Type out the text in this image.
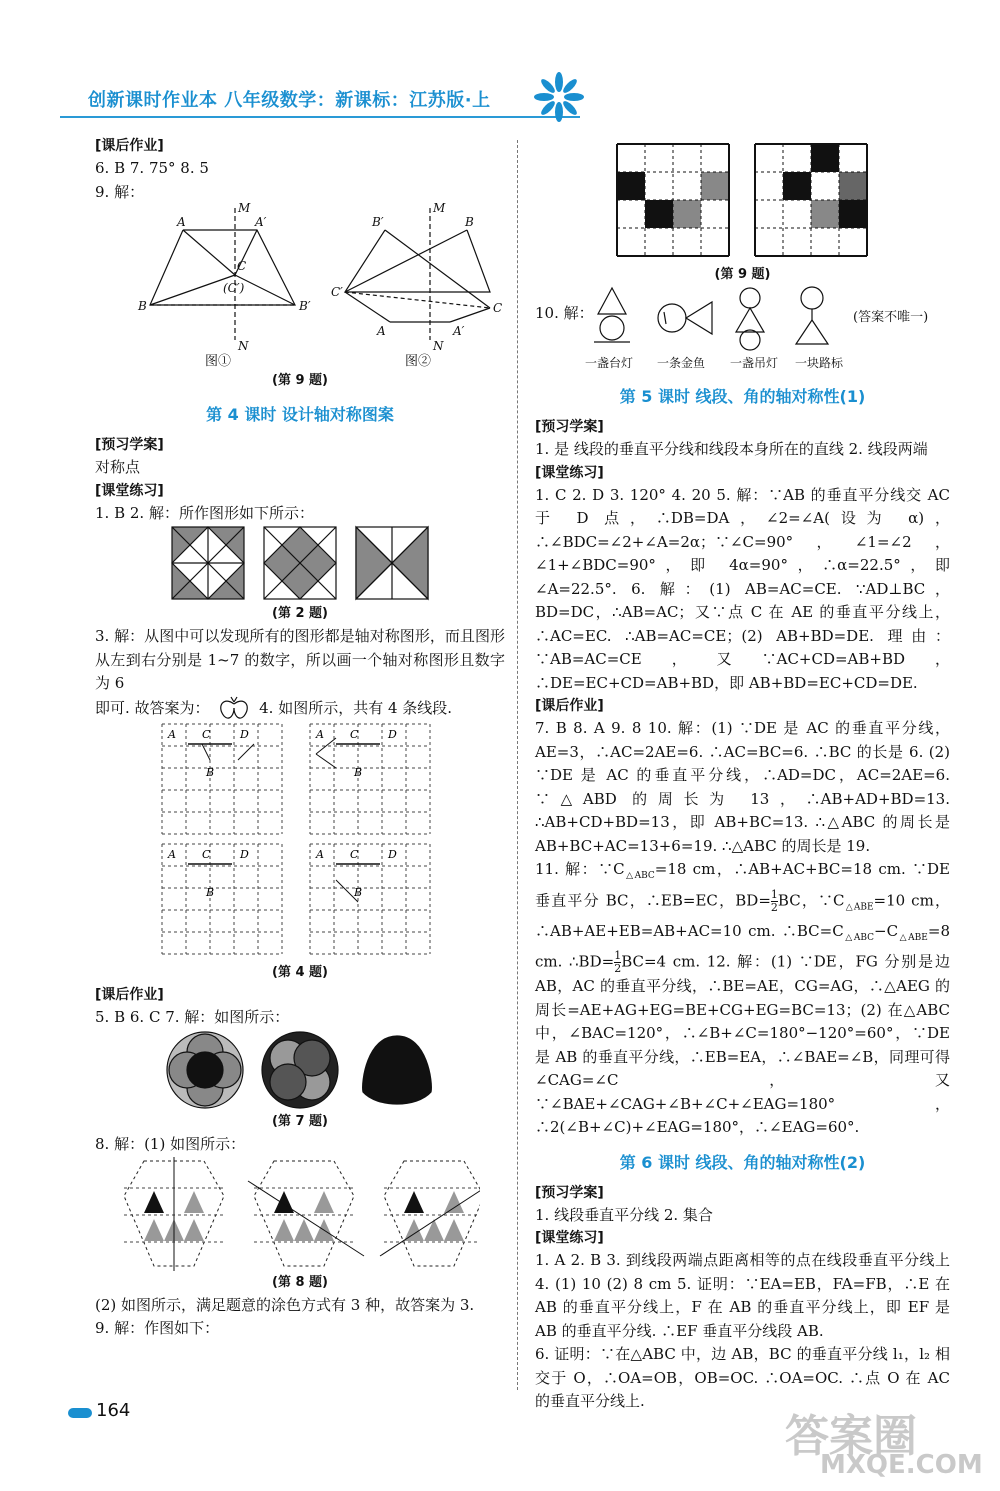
创新课时作业本 八年级数学：新课标：江苏版·上
[课后作业]

6. B 7. 75° 8. 5

9. 解：

A	A′
M
C
(C′)
B	B′
N
B′	B
M
C′
C
A	A′
N
图①	图②
(第 9 题)
第 4 课时 设计轴对称图案
[预习学案]

对称点

[课堂练习]

1. B 2. 解：所作图形如下所示：

(第 2 题)

3. 解：从图中可以发现所有的图形都是轴对称图形，而且图形从左到右分别是 1~7 的数字，所以画一个轴对称图形且数字为 6

即可. 故答案为：	4. 如图所示，共有 4 条线段.

A C	D
B
A C	D
B
A C	D
B
A C	D
B
(第 4 题)
[课后作业]

5. B 6. C 7. 解：如图所示：

(第 7 题)

8. 解：(1) 如图所示：

(第 8 题)

(2) 如图所示，满足题意的涂色方式有 3 种，故答案为 3.

9. 解：作图如下：

(第 9 题)
10. 解：	(答案不唯一)
一盏台灯 一条金鱼 一盏吊灯 一块路标
第 5 课时 线段、角的轴对称性(1)
[预习学案]

1. 是 线段的垂直平分线和线段本身所在的直线 2. 线段两端

[课堂练习]

1. C 2. D 3. 120° 4. 20 5. 解：∵AB 的垂直平分线交 AC 于 D 点，∴DB=DA，∠2=∠A(设为 α)，∴∠BDC=∠2+∠A=2α；∵∠C=90°，∠1=∠2，∠1+∠BDC=90°，即 4α=90°，∴α=22.5°，即∠A=22.5°. 6. 解：(1) AB=AC=CE. ∵AD⊥BC，BD=DC，∴AB=AC；又∵点 C 在 AE 的垂直平分线上，∴AC=EC. ∴AB=AC=CE；(2) AB+BD=DE. 理由：∵AB=AC=CE，又∵AC+CD=AB+BD，∴DE=EC+CD=AB+BD，即 AB+BD=EC+CD=DE.

[课后作业]

7. B 8. A 9. 8 10. 解：(1) ∵DE 是 AC 的垂直平分线，AE=3，∴AC=2AE=6. ∴AC=BC=6. ∴BC 的长是 6. (2) ∵DE 是 AC 的垂直平分线，∴AD=DC，AC=2AE=6. ∵△ABD 的周长为 13，∴AB+AD+BD=13. ∴AB+CD+BD=13，即 AB+BC=13. ∴△ABC 的周长是 AB+BC+AC=13+6=19. ∴△ABC 的周长是 19.

11. 解：$\because C_{\triangle ABC}=18$ cm，∴AB+AC+BC=18 cm. ∵DE 垂直平分 BC，∴EB=EC，$BD= \frac{1}{2}$ BC，$\because C_{\triangle ABE}=10$ cm，∴AB+AE+EB=AB+AC=10 cm. $\therefore BC=C_{\triangle ABC}-C_{\triangle ABE}=8$ cm. ∴BD= $\frac{1}{2} BC=4$ cm. 12. 解：(1) ∵DE，FG 分别是边 AB，AC 的垂直平分线，∴BE=AE，CG=AG，∴△AEG 的周长=AE+AG+EG=BE+CG+EG=BC=13；(2) 在△ABC 中，∠BAC=120°，∴∠B+∠C=180°−120°=60°，∵DE 是 AB 的垂直平分线，∴EB=EA，∴∠BAE=∠B，同理可得∠CAG=∠C，又∵∠BAE+∠CAG+∠B+∠C+∠EAG=180°，∴2(∠B+∠C)+∠EAG=180°，∴∠EAG=60°.

第 6 课时 线段、角的轴对称性(2)
[预习学案]

1. 线段垂直平分线 2. 集合

[课堂练习]

1. A 2. B 3. 到线段两端点距离相等的点在线段垂直平分线上 4. (1) 10 (2) 8 cm 5. 证明：∵EA=EB，FA=FB，∴E 在 AB 的垂直平分线上，F 在 AB 的垂直平分线上，即 EF 是 AB 的垂直平分线. ∴EF 垂直平分线段 AB.

6. 证明：∵在△ABC 中，边 AB，BC 的垂直平分线 l₁，l₂ 相交于 O，∴OA=OB，OB=OC. ∴OA=OC. ∴点 O 在 AC 的垂直平分线上.

164
答案圈
MXQE.COM
